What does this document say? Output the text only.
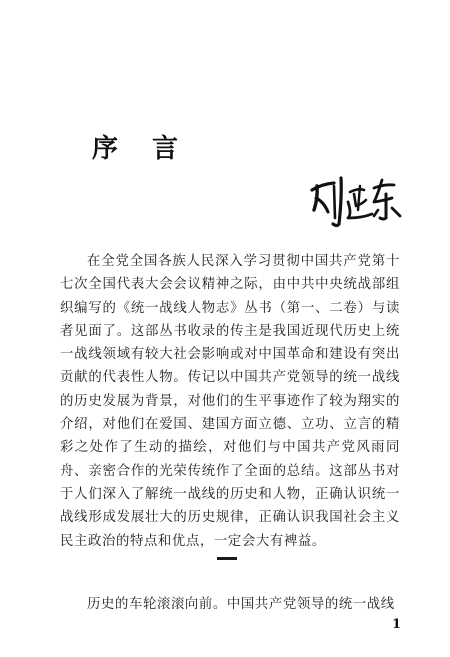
序言
在全党全国各族人民深入学习贯彻中国共产党第十七次全国代表大会会议精神之际，由中共中央统战部组织编写的《统一战线人物志》丛书（第一、二卷）与读者见面了。这部丛书收录的传主是我国近现代历史上统一战线领域有较大社会影响或对中国革命和建设有突出贡献的代表性人物。传记以中国共产党领导的统一战线的历史发展为背景，对他们的生平事迹作了较为翔实的介绍，对他们在爱国、建国方面立德、立功、立言的精彩之处作了生动的描绘，对他们与中国共产党风雨同舟、亲密合作的光荣传统作了全面的总结。这部丛书对于人们深入了解统一战线的历史和人物，正确认识统一战线形成发展壮大的历史规律，正确认识我国社会主义民主政治的特点和优点，一定会大有裨益。
历史的车轮滚滚向前。中国共产党领导的统一战线
1
